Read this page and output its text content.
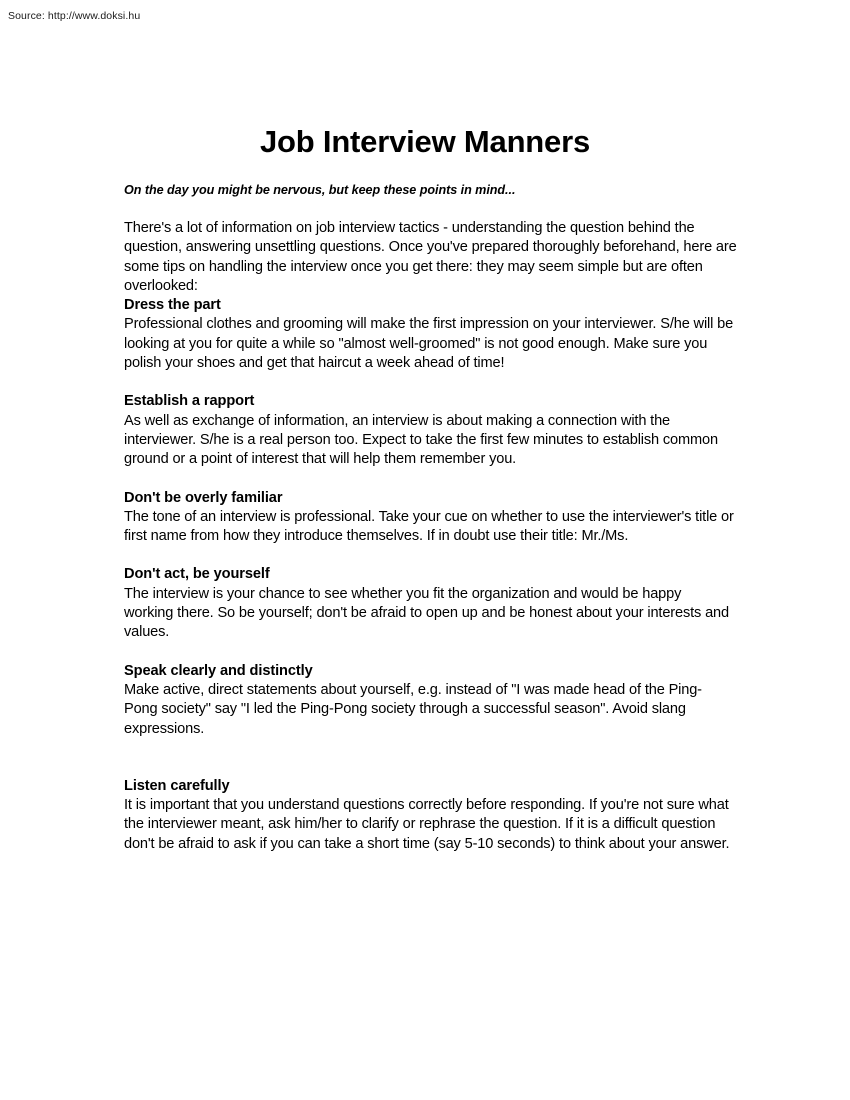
Source: http://www.doksi.hu
Job Interview Manners

On the day you might be nervous, but keep these points in mind...

There's a lot of information on job interview tactics - understanding the question behind the question, answering unsettling questions. Once you've prepared thoroughly beforehand, here are some tips on handling the interview once you get there: they may seem simple but are often overlooked:

Dress the part

Professional clothes and grooming will make the first impression on your interviewer. S/he will be looking at you for quite a while so "almost well-groomed" is not good enough. Make sure you polish your shoes and get that haircut a week ahead of time!

Establish a rapport

As well as exchange of information, an interview is about making a connection with the interviewer. S/he is a real person too. Expect to take the first few minutes to establish common ground or a point of interest that will help them remember you.

Don't be overly familiar

The tone of an interview is professional. Take your cue on whether to use the interviewer's title or first name from how they introduce themselves. If in doubt use their title: Mr./Ms.

Don't act, be yourself

The interview is your chance to see whether you fit the organization and would be happy working there. So be yourself; don't be afraid to open up and be honest about your interests and values.

Speak clearly and distinctly

Make active, direct statements about yourself, e.g. instead of "I was made head of the Ping-Pong society" say "I led the Ping-Pong society through a successful season". Avoid slang expressions.

Listen carefully

It is important that you understand questions correctly before responding. If you're not sure what the interviewer meant, ask him/her to clarify or rephrase the question. If it is a difficult question don't be afraid to ask if you can take a short time (say 5-10 seconds) to think about your answer.
